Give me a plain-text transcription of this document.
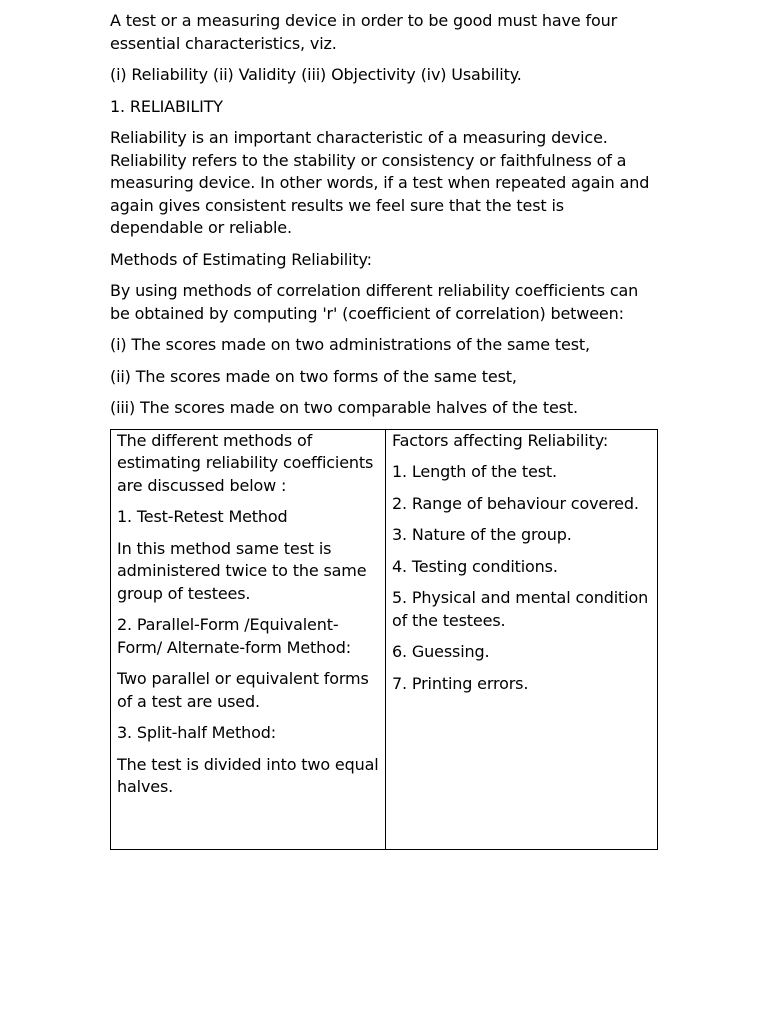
A test or a measuring device in order to be good must have four essential characteristics, viz.

(i) Reliability (ii) Validity (iii) Objectivity (iv) Usability.

1. RELIABILITY

Reliability is an important characteristic of a measuring device. Reliability refers to the stability or consistency or faithfulness of a measuring device. In other words, if a test when repeated again and again gives consistent results we feel sure that the test is dependable or reliable.

Methods of Estimating Reliability:

By using methods of correlation different reliability coefficients can be obtained by computing 'r' (coefficient of correlation) between:

(i) The scores made on two administrations of the same test,

(ii) The scores made on two forms of the same test,

(iii) The scores made on two comparable halves of the test.

The different methods of estimating reliability coefficients are discussed below :

1. Test-Retest Method

In this method same test is administered twice to the same group of testees.

2. Parallel-Form /Equivalent-Form/ Alternate-form Method:

Two parallel or equivalent forms of a test are used.

3. Split-half Method:

The test is divided into two equal halves.

Factors affecting Reliability:

1. Length of the test.

2. Range of behaviour covered.

3. Nature of the group.

4. Testing conditions.

5. Physical and mental condition of the testees.

6. Guessing.

7. Printing errors.
